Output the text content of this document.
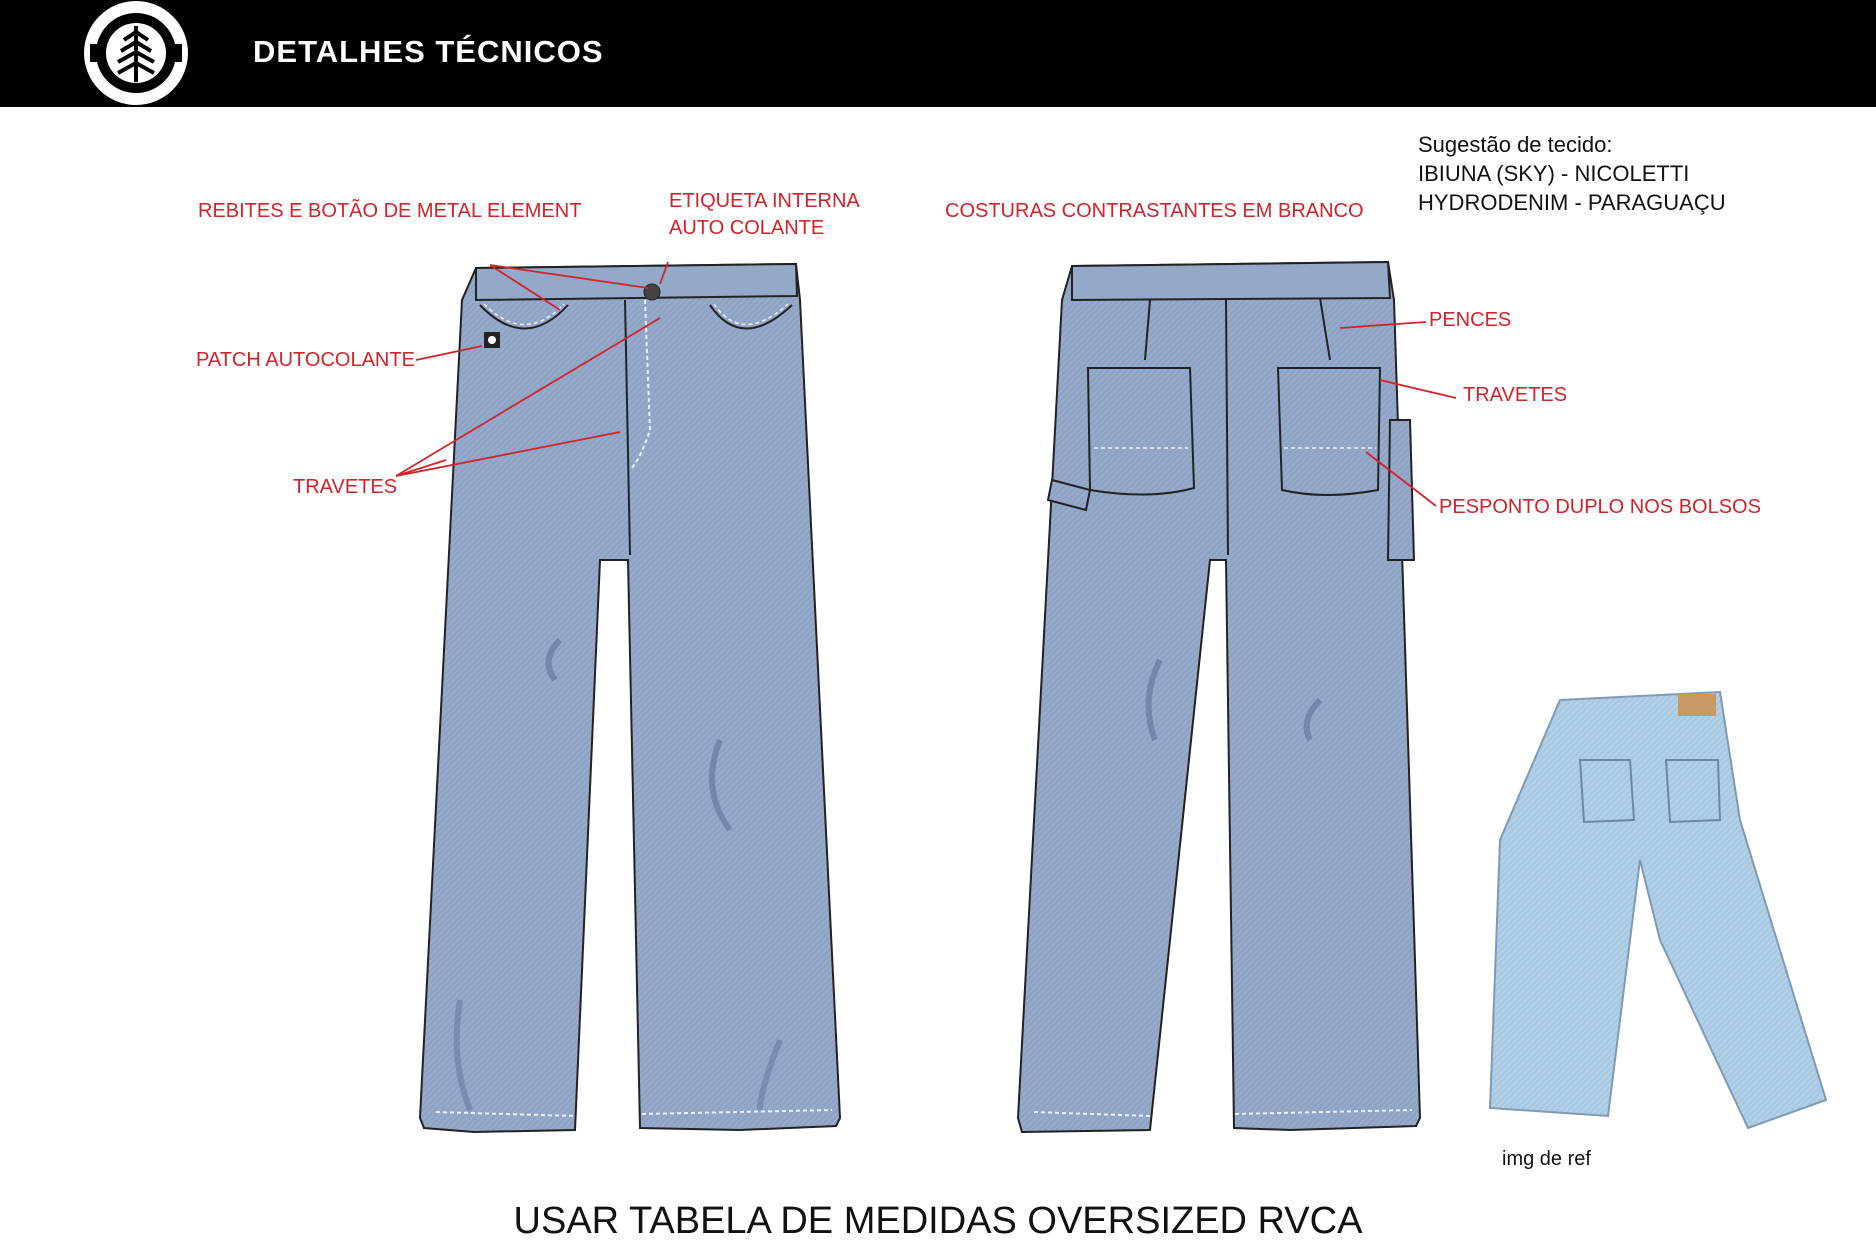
DETALHES TÉCNICOS
Sugestão de tecido:
IBIUNA (SKY) - NICOLETTI
HYDRODENIM - PARAGUAÇU
REBITES E BOTÃO DE METAL ELEMENT	ETIQUETA INTERNA
AUTO COLANTE
PATCH AUTOCOLANTE
TRAVETES
COSTURAS CONTRASTANTES EM BRANCO
PENCES
TRAVETES
PESPONTO DUPLO NOS BOLSOS
img de ref
USAR TABELA DE MEDIDAS OVERSIZED RVCA
